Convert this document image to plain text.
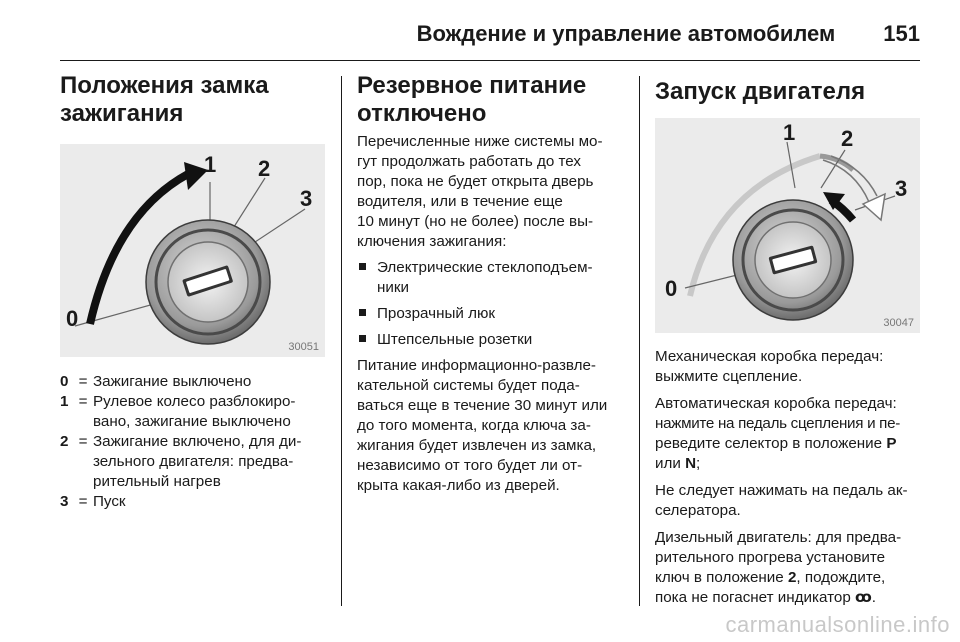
Вождение и управление автомобилем 151
Положения замка
зажигания
0
1 2
3
30051
0 = Зажигание выключено
1 = Рулевое колесо разблокиро-
вано, зажигание выключено
2 = Зажигание включено, для ди-
зельного двигателя: предва-
рительный нагрев
3 = Пуск
Резервное питание
отключено

Перечисленные ниже системы мо-
гут продолжать работать до тех
пор, пока не будет открыта дверь
водителя, или в течение еще
10 минут (но не более) после вы-
ключения зажигания:

Электрические стеклоподъем-
ники
Прозрачный люк
Штепсельные розетки

Питание информационно-развле-
кательной системы будет пода-
ваться еще в течение 30 минут или
до того момента, когда ключа за-
жигания будет извлечен из замка,
независимо от того будет ли от-
крыта какая-либо из дверей.

Запуск двигателя
0
1 2
3
30047

Механическая коробка передач:
выжмите сцепление.

Автоматическая коробка передач:
нажмите на педаль сцепления и пе-
реведите селектор в положение P
или N;

Не следует нажимать на педаль ак-
селератора.

Дизельный двигатель: для предва-
рительного прогрева установите
ключ в положение 2, подождите,
пока не погаснет индикатор ꝏ.

carmanualsonline.info
